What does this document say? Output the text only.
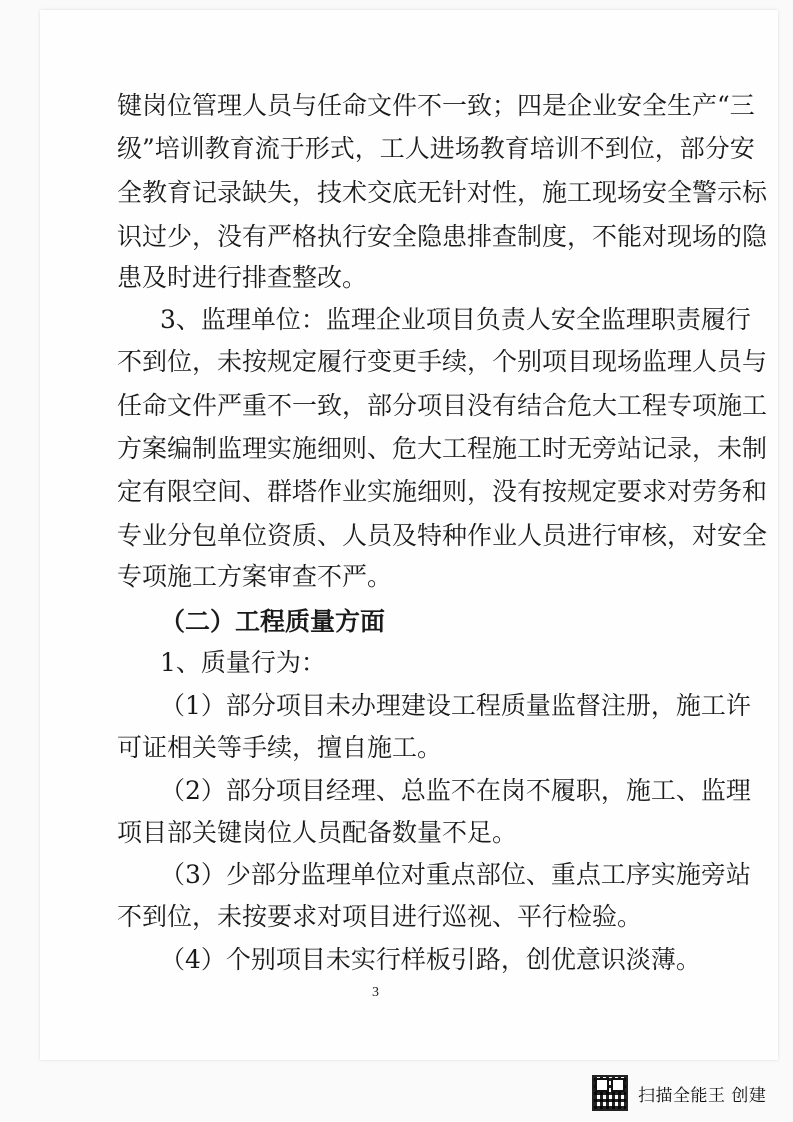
键岗位管理人员与任命文件不一致；四是企业安全生产“三
级”培训教育流于形式，工人进场教育培训不到位，部分安
全教育记录缺失，技术交底无针对性，施工现场安全警示标
识过少，没有严格执行安全隐患排查制度，不能对现场的隐
患及时进行排查整改。
3、监理单位：监理企业项目负责人安全监理职责履行
不到位，未按规定履行变更手续，个别项目现场监理人员与
任命文件严重不一致，部分项目没有结合危大工程专项施工
方案编制监理实施细则、危大工程施工时无旁站记录，未制
定有限空间、群塔作业实施细则，没有按规定要求对劳务和
专业分包单位资质、人员及特种作业人员进行审核，对安全
专项施工方案审查不严。
（二）工程质量方面
1、质量行为：
（1）部分项目未办理建设工程质量监督注册，施工许
可证相关等手续，擅自施工。
（2）部分项目经理、总监不在岗不履职，施工、监理
项目部关键岗位人员配备数量不足。
（3）少部分监理单位对重点部位、重点工序实施旁站
不到位，未按要求对项目进行巡视、平行检验。
（4）个别项目未实行样板引路，创优意识淡薄。
3
扫描全能王 创建
